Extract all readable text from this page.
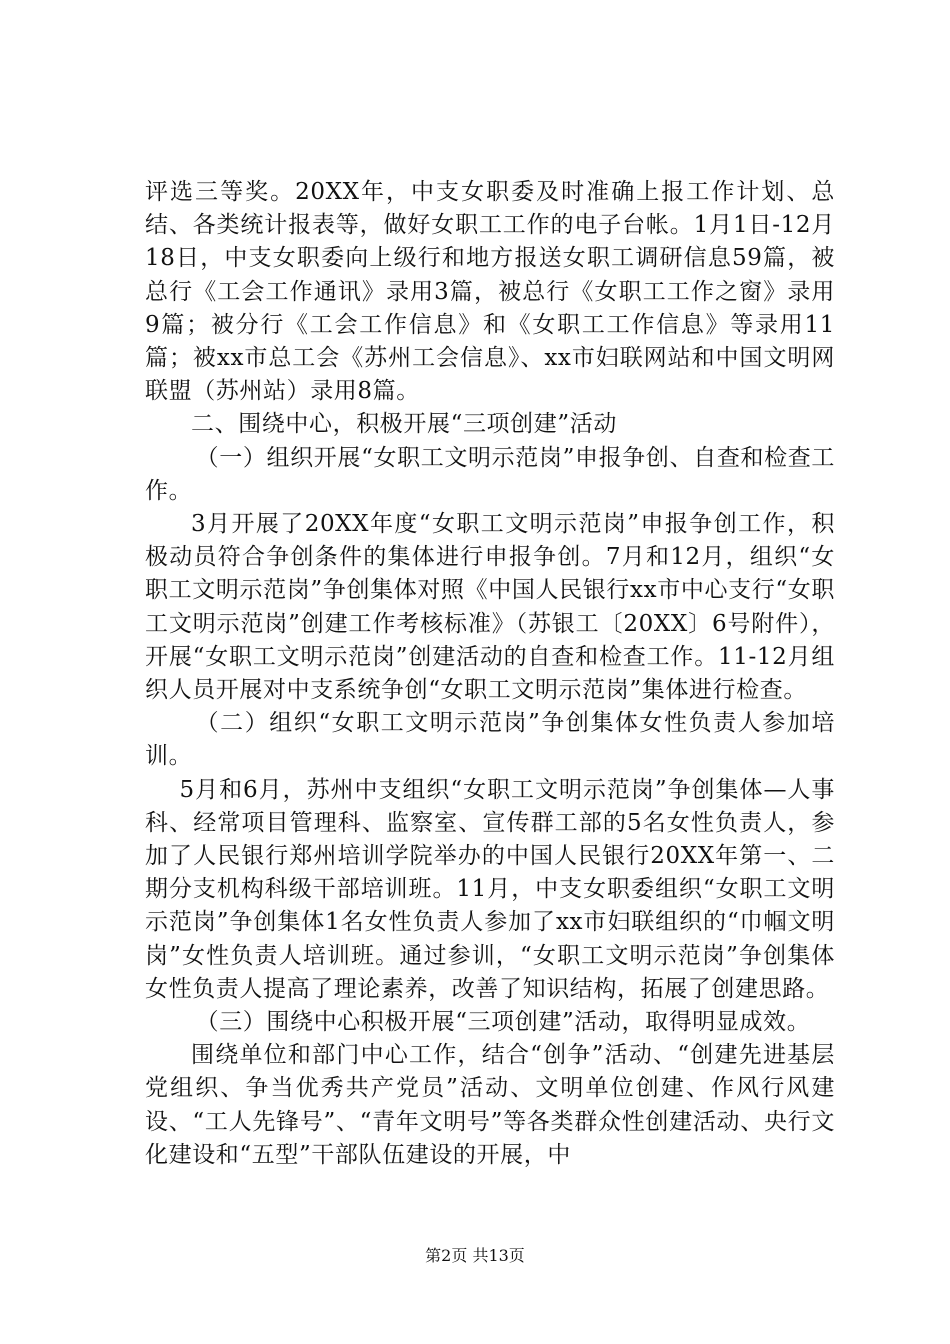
评选三等奖。20XX年，中支女职委及时准确上报工作计划、总结、各类统计报表等，做好女职工工作的电子台帐。1月1日-12月18日，中支女职委向上级行和地方报送女职工调研信息59篇，被总行《工会工作通讯》录用3篇，被总行《女职工工作之窗》录用9篇；被分行《工会工作信息》和《女职工工作信息》等录用11篇；被xx市总工会《苏州工会信息》、xx市妇联网站和中国文明网联盟（苏州站）录用8篇。

二、围绕中心，积极开展“三项创建”活动

（一）组织开展“女职工文明示范岗”申报争创、自查和检查工作。

3月开展了20XX年度“女职工文明示范岗”申报争创工作，积极动员符合争创条件的集体进行申报争创。7月和12月，组织“女职工文明示范岗”争创集体对照《中国人民银行xx市中心支行“女职工文明示范岗”创建工作考核标准》（苏银工〔20XX〕6号附件），开展“女职工文明示范岗”创建活动的自查和检查工作。11-12月组织人员开展对中支系统争创“女职工文明示范岗”集体进行检查。

（二）组织“女职工文明示范岗”争创集体女性负责人参加培训。

5月和6月，苏州中支组织“女职工文明示范岗”争创集体—人事科、经常项目管理科、监察室、宣传群工部的5名女性负责人，参加了人民银行郑州培训学院举办的中国人民银行20XX年第一、二期分支机构科级干部培训班。11月，中支女职委组织“女职工文明示范岗”争创集体1名女性负责人参加了xx市妇联组织的“巾帼文明岗”女性负责人培训班。通过参训，“女职工文明示范岗”争创集体女性负责人提高了理论素养，改善了知识结构，拓展了创建思路。

（三）围绕中心积极开展“三项创建”活动，取得明显成效。

围绕单位和部门中心工作，结合“创争”活动、“创建先进基层党组织、争当优秀共产党员”活动、文明单位创建、作风行风建设、“工人先锋号”、“青年文明号”等各类群众性创建活动、央行文化建设和“五型”干部队伍建设的开展，中

第2页 共13页
